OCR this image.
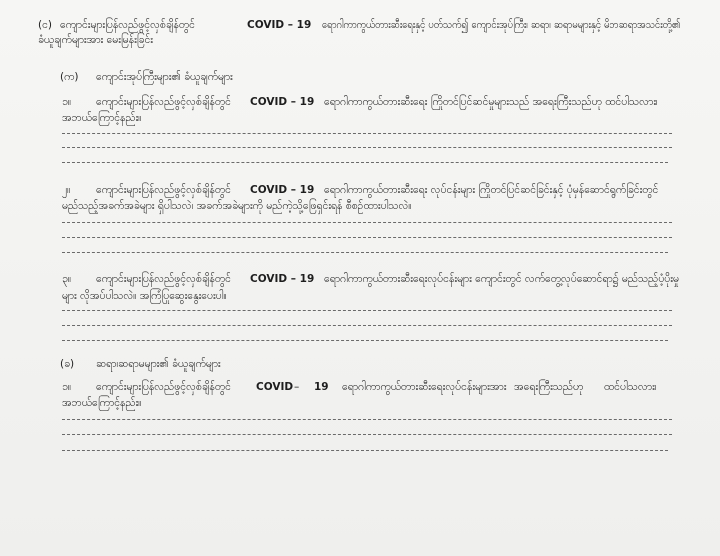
(င) ကျောင်းများပြန်လည်ဖွင့်လှစ်ချိန်တွင်	COVID – 19 ရောဂါကာကွယ်တားဆီးရေးနှင့် ပတ်သက်၍ ကျောင်းအုပ်ကြီး၊ ဆရာ၊ ဆရာမများနှင့် မိဘဆရာအသင်းတို့၏
ခံယူချက်များအား မေးမြန်းခြင်း
(က) ကျောင်းအုပ်ကြီးများ၏ ခံယူချက်များ
၁။ ကျောင်းများပြန်လည်ဖွင့်လှစ်ချိန်တွင် COVID – 19 ရောဂါကာကွယ်တားဆီးရေး ကြိုတင်ပြင်ဆင်မှုများသည် အရေးကြီးသည်ဟု ထင်ပါသလား၊
အဘယ်ကြောင့်နည်း။
၂။ ကျောင်းများပြန်လည်ဖွင့်လှစ်ချိန်တွင် COVID – 19 ရောဂါကာကွယ်တားဆီးရေး လုပ်ငန်းများ ကြိုတင်ပြင်ဆင်ခြင်းနှင့် ပုံမှန်ဆောင်ရွက်ခြင်းတွင်
မည်သည့်အခက်အခဲများ ရှိပါသလဲ၊ အခက်အခဲများကို မည်ကဲ့သို့ဖြေရှင်းရန် စီစဉ်ထားပါသလဲ။
၃။ ကျောင်းများပြန်လည်ဖွင့်လှစ်ချိန်တွင် COVID – 19 ရောဂါကာကွယ်တားဆီးရေးလုပ်ငန်းများ ကျောင်းတွင် လက်တွေ့လုပ်ဆောင်ရာ၌ မည်သည့်ပံ့ပိုးမှု
များ လိုအပ်ပါသလဲ။ အကြံပြုဆွေးနွေးပေးပါ။
(ခ) ဆရာ၊ဆရာမများ၏ ခံယူချက်များ
၁။ ကျောင်းများပြန်လည်ဖွင့်လှစ်ချိန်တွင် COVID – 19 ရောဂါကာကွယ်တားဆီးရေးလုပ်ငန်းများအား အရေးကြီးသည်ဟု ထင်ပါသလား၊
အဘယ်ကြောင့်နည်း။
